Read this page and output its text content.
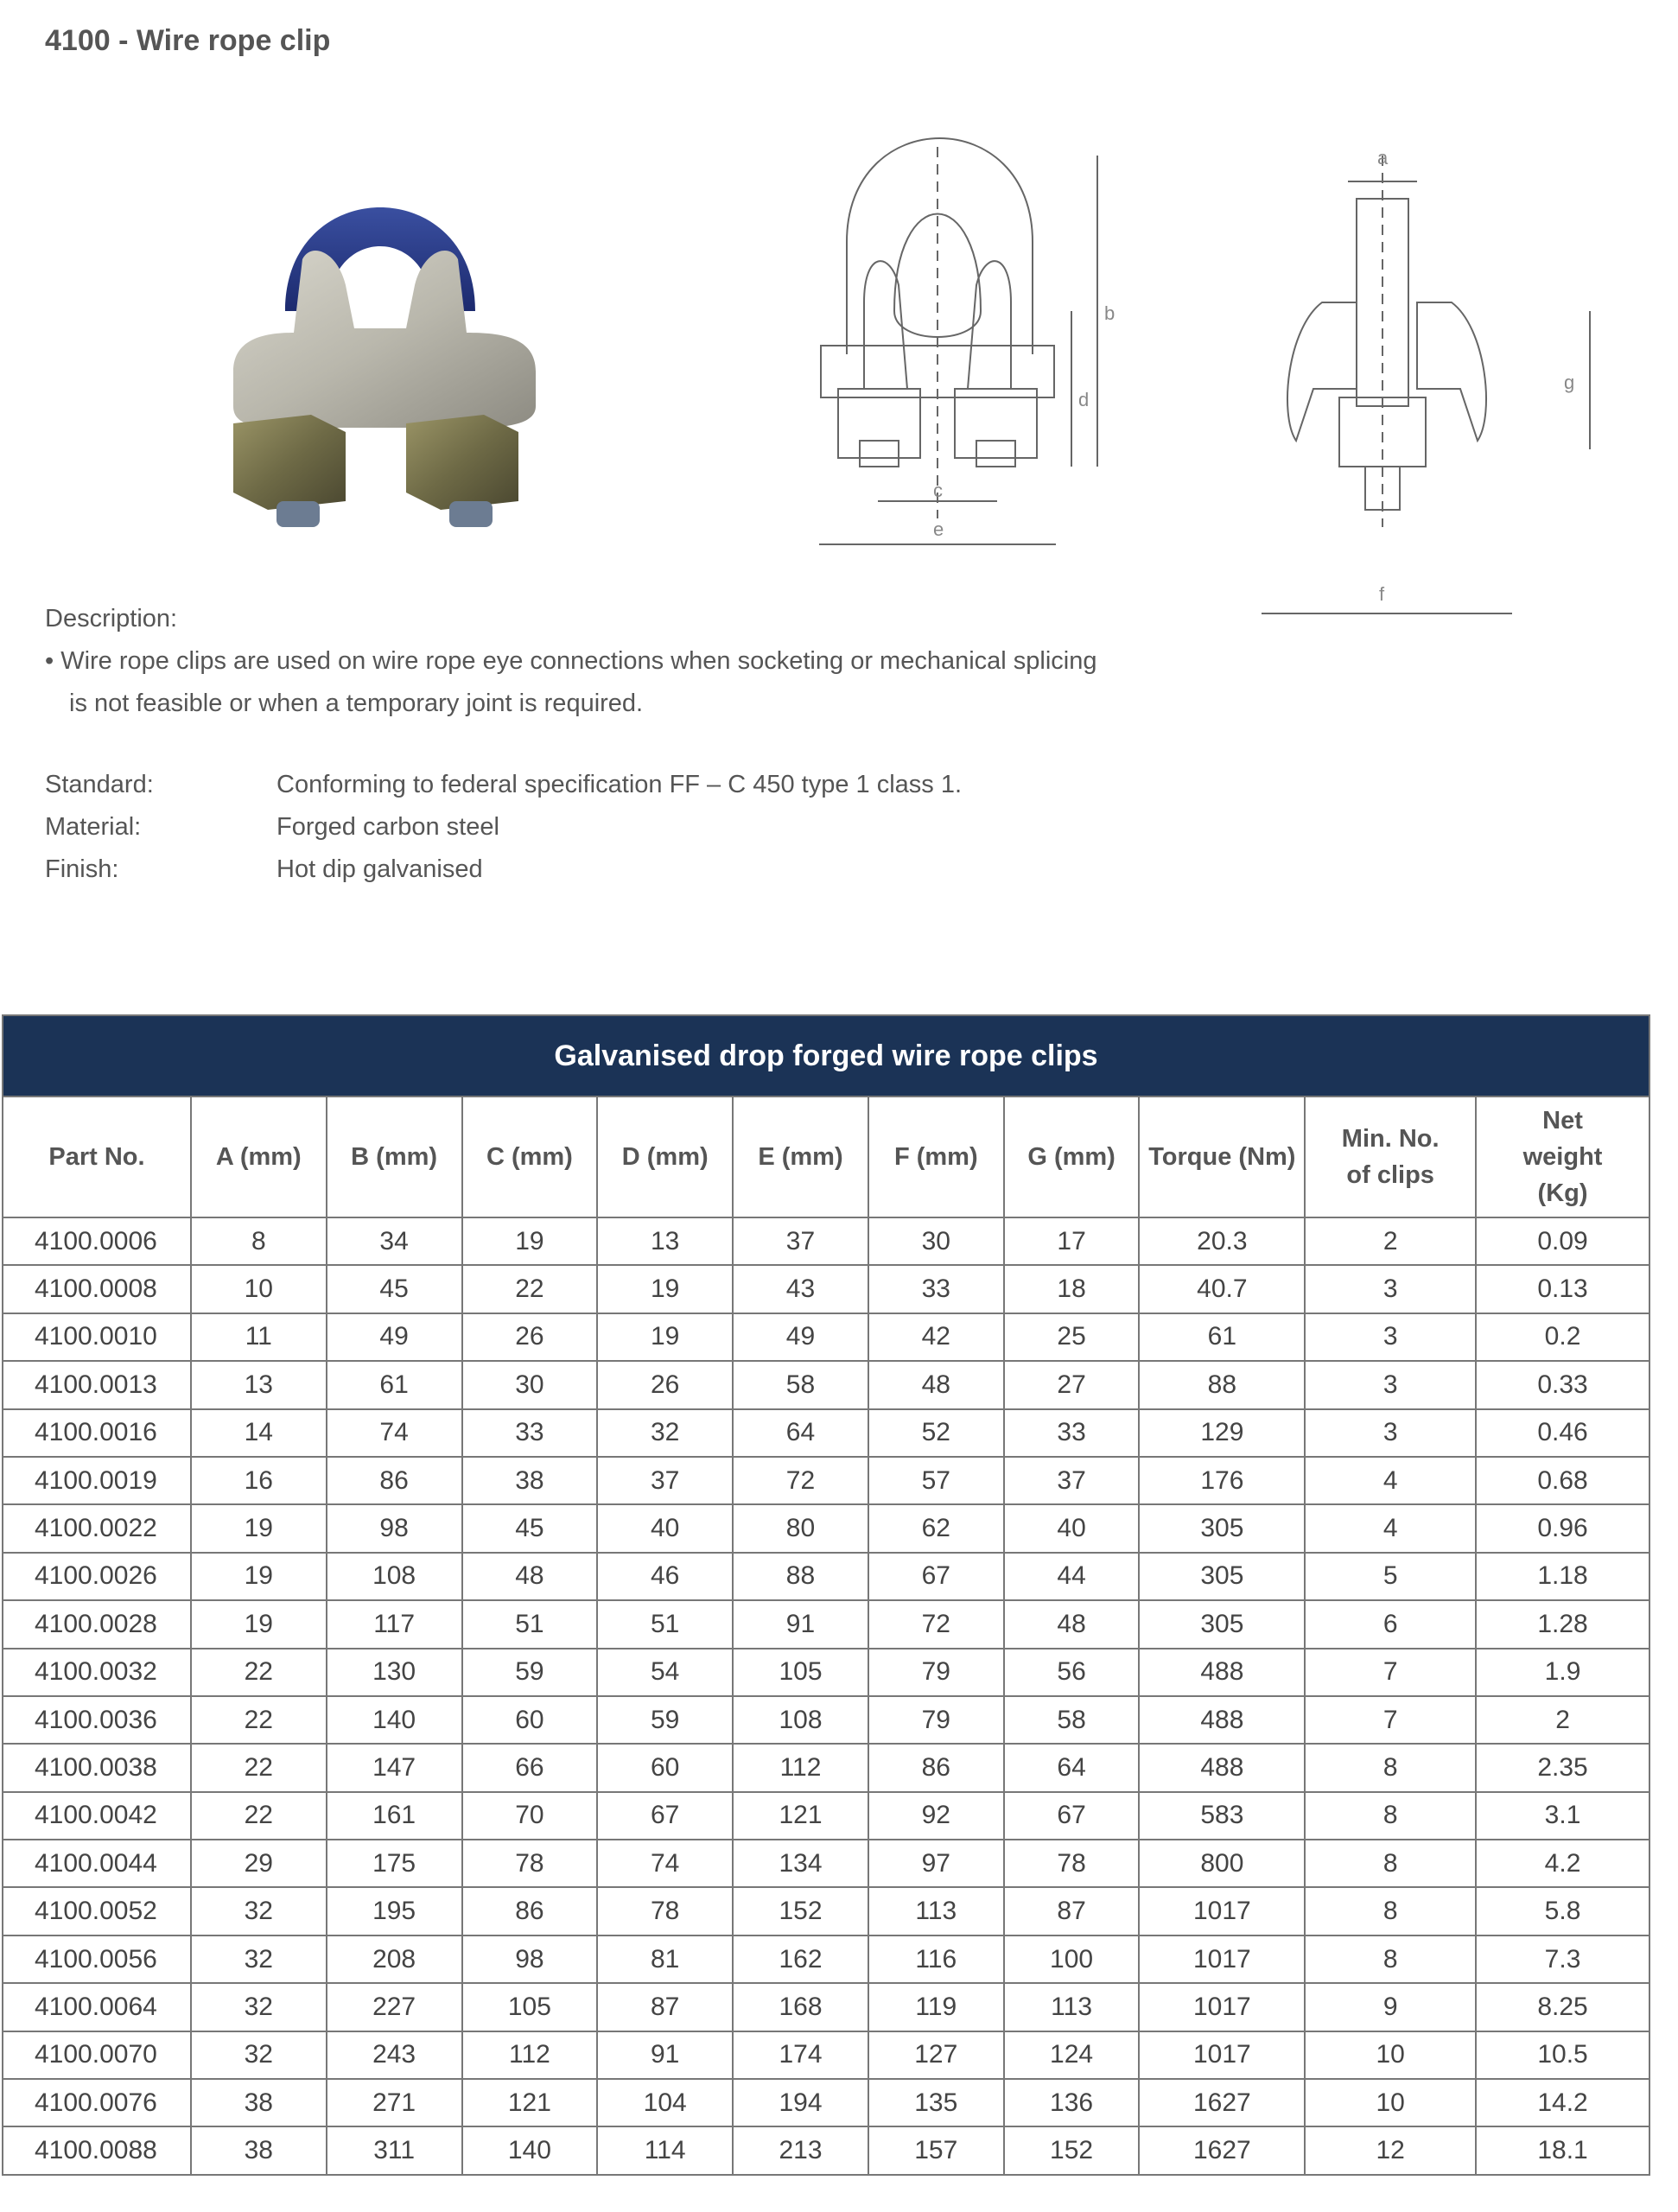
4100 - Wire rope clip
b
d
c
e
a
g
f
Description:
• Wire rope clips are used on wire rope eye connections when socketing or mechanical splicing is not feasible or when a temporary joint is required.
Standard:	Conforming to federal specification FF – C 450 type 1 class 1.
Material:	Forged carbon steel
Finish:	Hot dip galvanised
Galvanised drop forged wire rope clips										
Part No.	A (mm)	B (mm)	C (mm)	D (mm)	E (mm)	F (mm)	G (mm)	Torque (Nm)	Min. No. of clips	Net weight (Kg)
4100.0006	8	34	19	13	37	30	17	20.3	2	0.09
4100.0008	10	45	22	19	43	33	18	40.7	3	0.13
4100.0010	11	49	26	19	49	42	25	61	3	0.2
4100.0013	13	61	30	26	58	48	27	88	3	0.33
4100.0016	14	74	33	32	64	52	33	129	3	0.46
4100.0019	16	86	38	37	72	57	37	176	4	0.68
4100.0022	19	98	45	40	80	62	40	305	4	0.96
4100.0026	19	108	48	46	88	67	44	305	5	1.18
4100.0028	19	117	51	51	91	72	48	305	6	1.28
4100.0032	22	130	59	54	105	79	56	488	7	1.9
4100.0036	22	140	60	59	108	79	58	488	7	2
4100.0038	22	147	66	60	112	86	64	488	8	2.35
4100.0042	22	161	70	67	121	92	67	583	8	3.1
4100.0044	29	175	78	74	134	97	78	800	8	4.2
4100.0052	32	195	86	78	152	113	87	1017	8	5.8
4100.0056	32	208	98	81	162	116	100	1017	8	7.3
4100.0064	32	227	105	87	168	119	113	1017	9	8.25
4100.0070	32	243	112	91	174	127	124	1017	10	10.5
4100.0076	38	271	121	104	194	135	136	1627	10	14.2
4100.0088	38	311	140	114	213	157	152	1627	12	18.1
